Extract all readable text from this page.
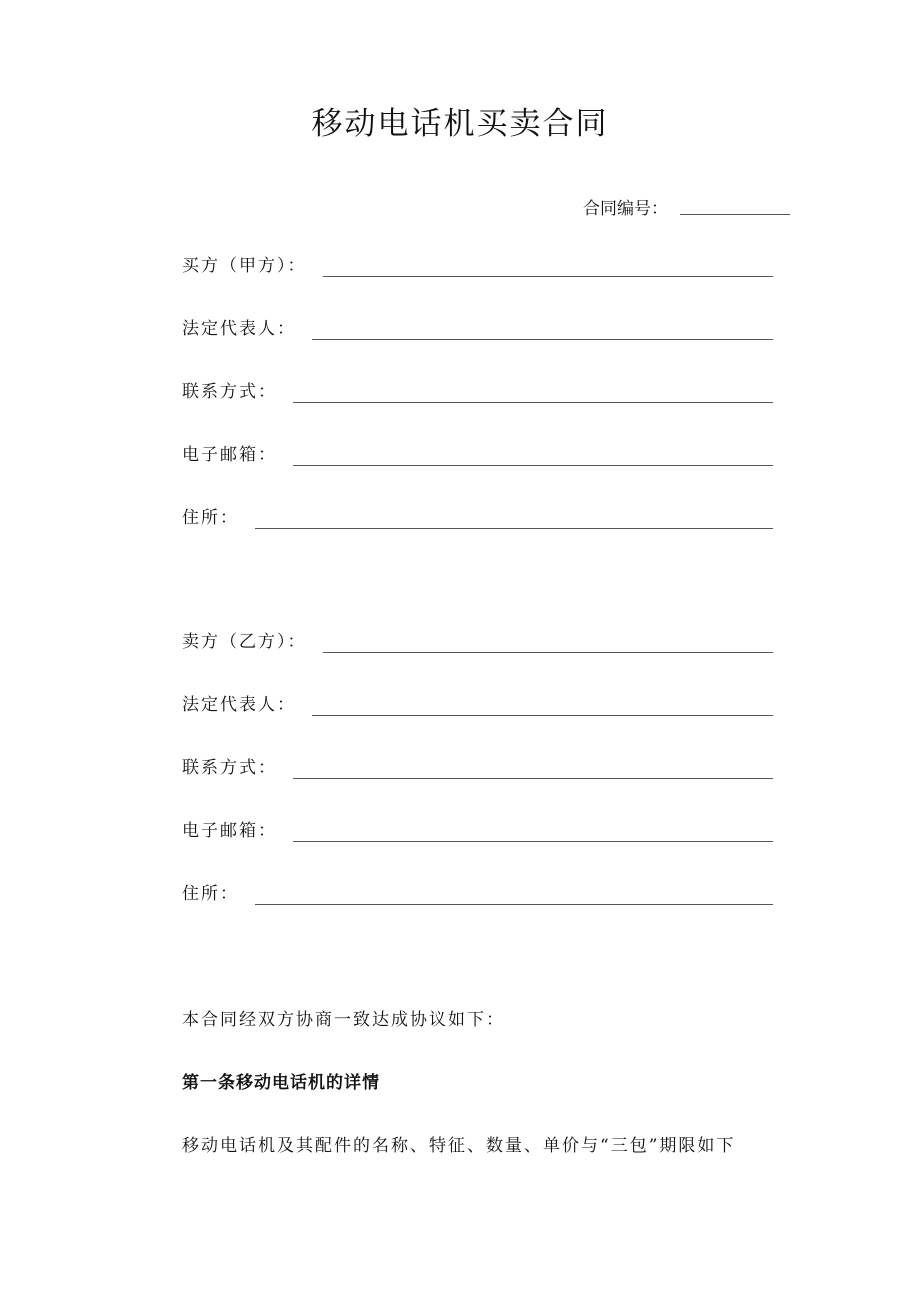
移动电话机买卖合同
合同编号：
买方（甲方）：
法定代表人：
联系方式：
电子邮箱：
住所：
卖方（乙方）：
法定代表人：
联系方式：
电子邮箱：
住所：
本合同经双方协商一致达成协议如下：
第一条移动电话机的详情
移动电话机及其配件的名称、特征、数量、单价与“三包”期限如下
